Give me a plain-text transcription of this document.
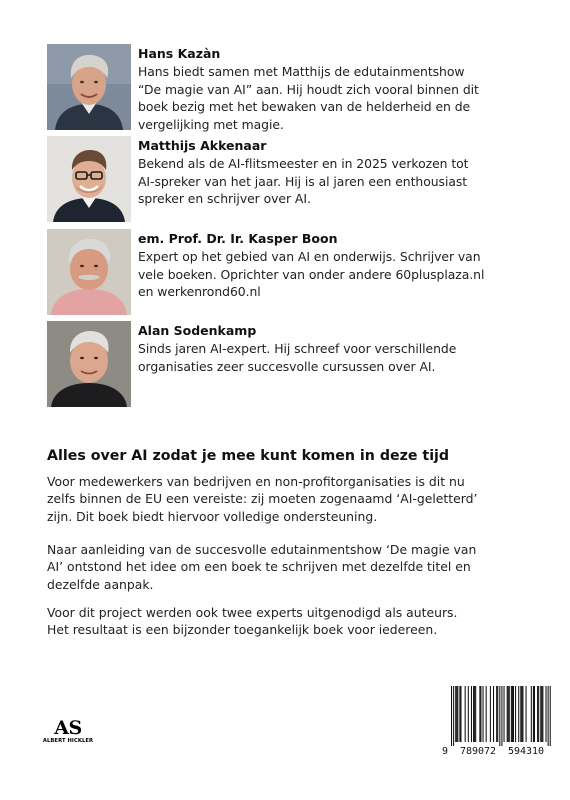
Hans Kazàn
Hans biedt samen met Matthijs de edutainmentshow
“De magie van AI” aan. Hij houdt zich vooral binnen dit
boek bezig met het bewaken van de helderheid en de
vergelijking met magie.
Matthijs Akkenaar
Bekend als de AI-flitsmeester en in 2025 verkozen tot
AI-spreker van het jaar. Hij is al jaren een enthousiast
spreker en schrijver over AI.
em. Prof. Dr. Ir. Kasper Boon
Expert op het gebied van AI en onderwijs. Schrijver van
vele boeken. Oprichter van onder andere 60plusplaza.nl
en werkenrond60.nl
Alan Sodenkamp
Sinds jaren AI-expert. Hij schreef voor verschillende
organisaties zeer succesvolle cursussen over AI.
Alles over AI zodat je mee kunt komen in deze tijd
Voor medewerkers van bedrijven en non-profitorganisaties is dit nu
zelfs binnen de EU een vereiste: zij moeten zogenaamd ‘AI-geletterd’
zijn. Dit boek biedt hiervoor volledige ondersteuning.
Naar aanleiding van de succesvolle edutainmentshow ‘De magie van
AI’ ontstond het idee om een boek te schrijven met dezelfde titel en
dezelfde aanpak.
Voor dit project werden ook twee experts uitgenodigd als auteurs.
Het resultaat is een bijzonder toegankelijk boek voor iedereen.
AS
ALBERT HICKLER
9 789072 594310
